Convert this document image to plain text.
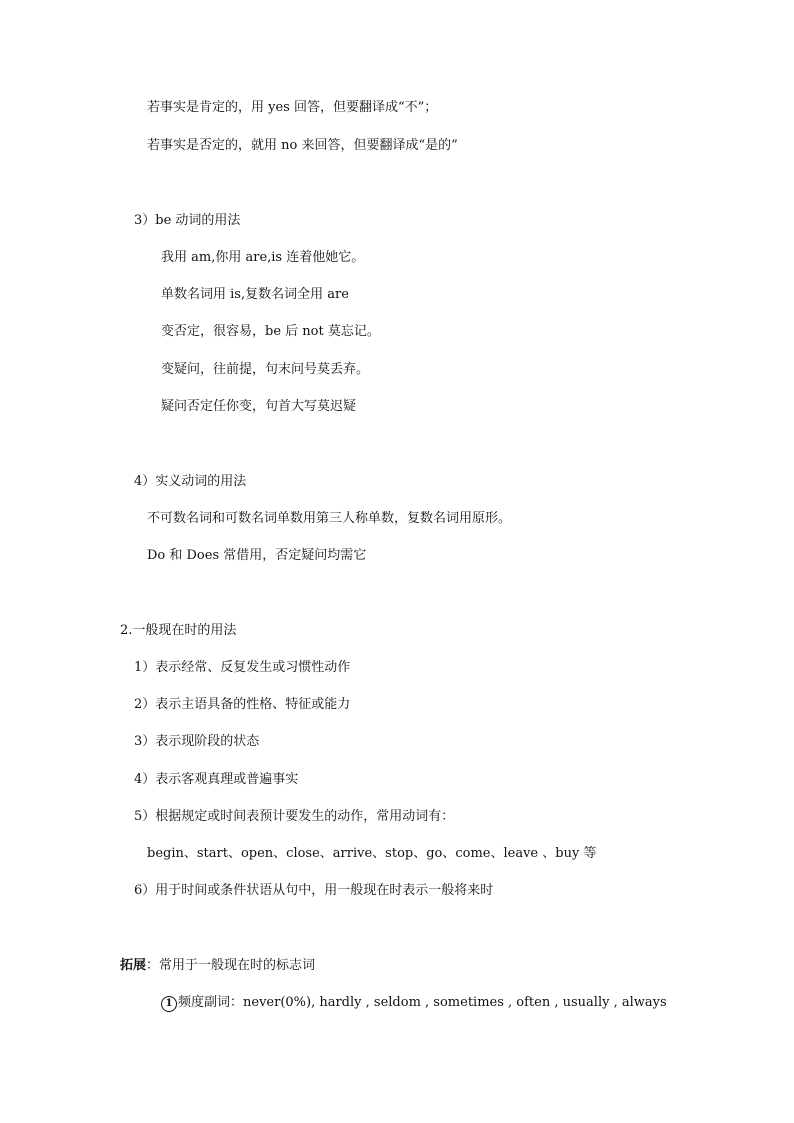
若事实是肯定的，用 yes 回答，但要翻译成“不”；
若事实是否定的，就用 no 来回答，但要翻译成“是的”
3）be 动词的用法
我用 am,你用 are,is 连着他她它。
单数名词用 is,复数名词全用 are
变否定，很容易，be 后 not 莫忘记。
变疑问，往前提，句末问号莫丢弃。
疑问否定任你变，句首大写莫迟疑
4）实义动词的用法
不可数名词和可数名词单数用第三人称单数，复数名词用原形。
Do 和 Does 常借用，否定疑问均需它
2.一般现在时的用法
1）表示经常、反复发生或习惯性动作
2）表示主语具备的性格、特征或能力
3）表示现阶段的状态
4）表示客观真理或普遍事实
5）根据规定或时间表预计要发生的动作，常用动词有：
begin、start、open、close、arrive、stop、go、come、leave 、buy 等
6）用于时间或条件状语从句中，用一般现在时表示一般将来时
拓展：常用于一般现在时的标志词
1 频度副词：never(0%), hardly , seldom , sometimes , often , usually , always
